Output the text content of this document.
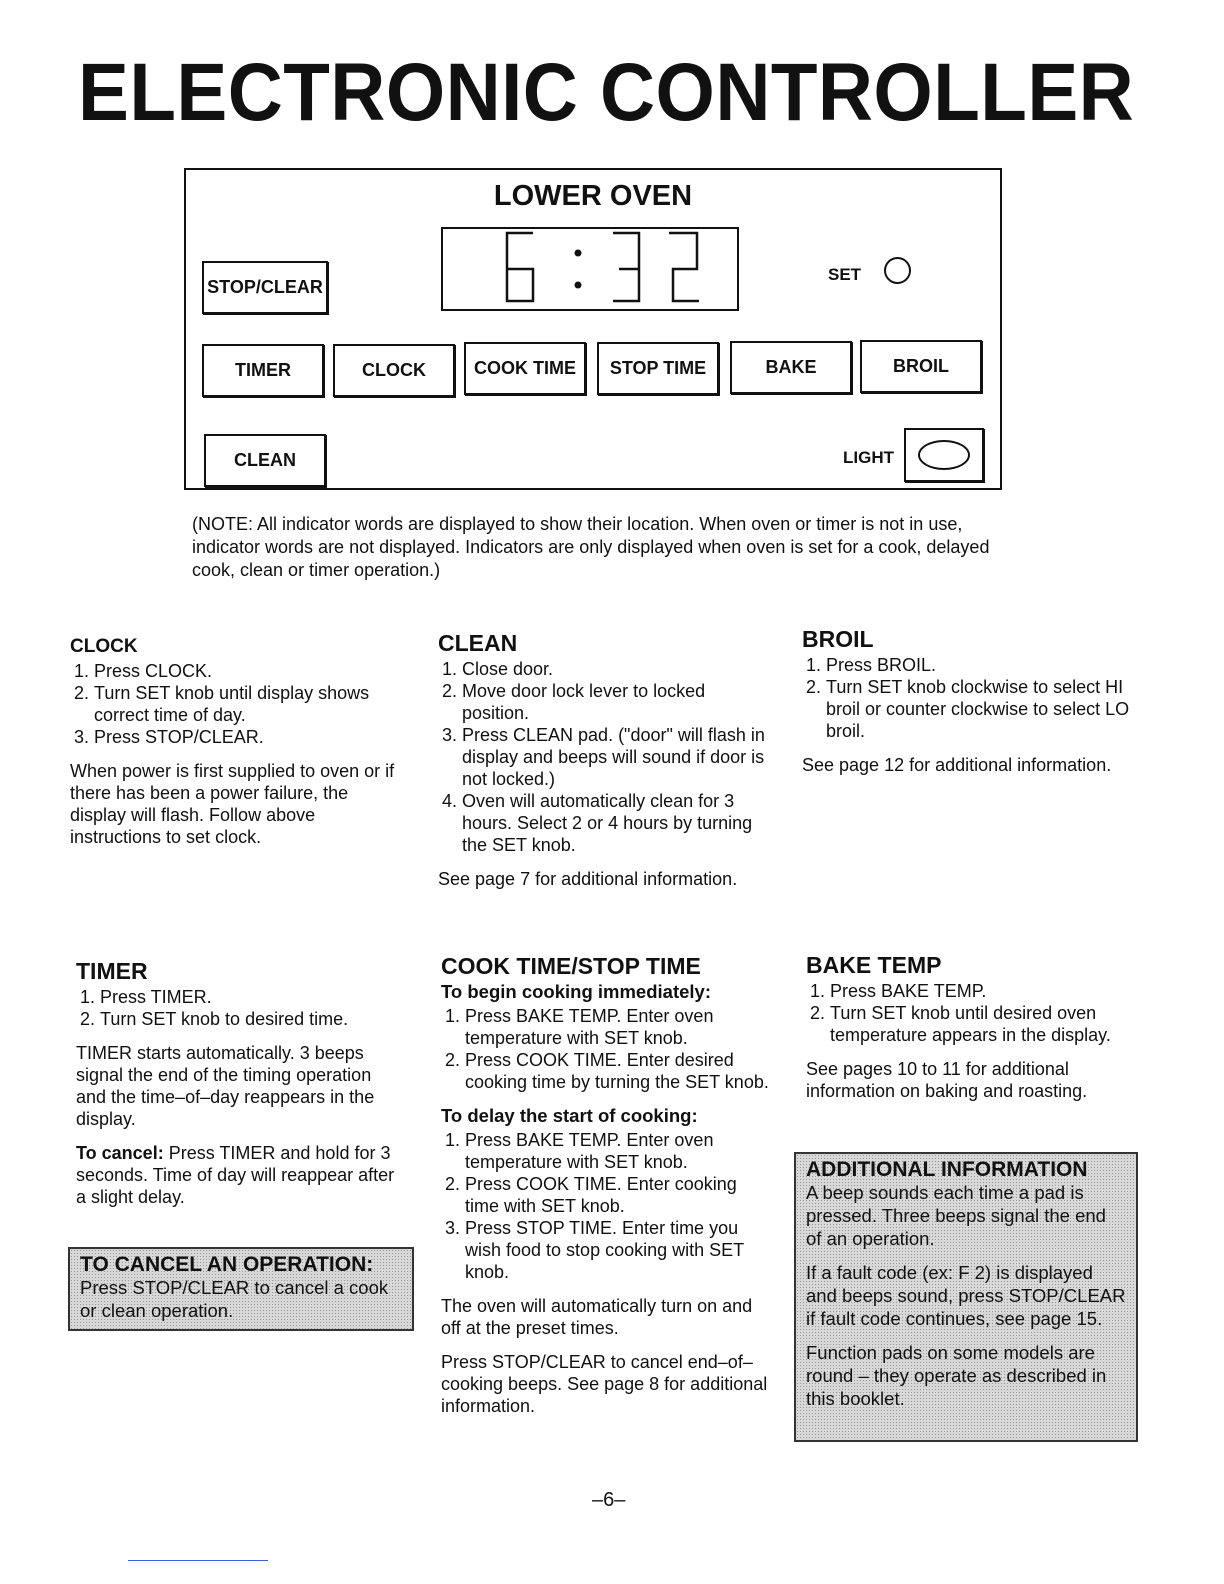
ELECTRONIC CONTROLLER
LOWER OVEN
STOP/CLEAR
SET
TIMER	CLOCK	COOK TIME	STOP TIME	BAKE	BROIL
CLEAN	LIGHT

(NOTE: All indicator words are displayed to show their location. When oven or timer is not in use, indicator words are not displayed. Indicators are only displayed when oven is set for a cook, delayed cook, clean or timer operation.)

CLOCK
1. Press CLOCK.
2. Turn SET knob until display shows correct time of day.
3. Press STOP/CLEAR.

When power is first supplied to oven or if there has been a power failure, the display will flash. Follow above instructions to set clock.

CLEAN
1. Close door.
2. Move door lock lever to locked position.
3. Press CLEAN pad. ("door" will flash in display and beeps will sound if door is not locked.)
4. Oven will automatically clean for 3 hours. Select 2 or 4 hours by turning the SET knob.

See page 7 for additional information.

BROIL
1. Press BROIL.
2. Turn SET knob clockwise to select HI broil or counter clockwise to select LO broil.

See page 12 for additional information.

TIMER
1. Press TIMER.
2. Turn SET knob to desired time.

TIMER starts automatically. 3 beeps signal the end of the timing operation and the time–of–day reappears in the display.

To cancel: Press TIMER and hold for 3 seconds. Time of day will reappear after a slight delay.

TO CANCEL AN OPERATION:

Press STOP/CLEAR to cancel a cook or clean operation.

COOK TIME/STOP TIME
To begin cooking immediately:
1. Press BAKE TEMP. Enter oven temperature with SET knob.
2. Press COOK TIME. Enter desired cooking time by turning the SET knob.
To delay the start of cooking:
1. Press BAKE TEMP. Enter oven temperature with SET knob.
2. Press COOK TIME. Enter cooking time with SET knob.
3. Press STOP TIME. Enter time you wish food to stop cooking with SET knob.

The oven will automatically turn on and off at the preset times.

Press STOP/CLEAR to cancel end–of–cooking beeps. See page 8 for additional information.

BAKE TEMP
1. Press BAKE TEMP.
2. Turn SET knob until desired oven temperature appears in the display.

See pages 10 to 11 for additional information on baking and roasting.

ADDITIONAL INFORMATION

A beep sounds each time a pad is pressed. Three beeps signal the end of an operation.

If a fault code (ex: F 2) is displayed and beeps sound, press STOP/CLEAR if fault code continues, see page 15.

Function pads on some models are round – they operate as described in this booklet.

–6–
